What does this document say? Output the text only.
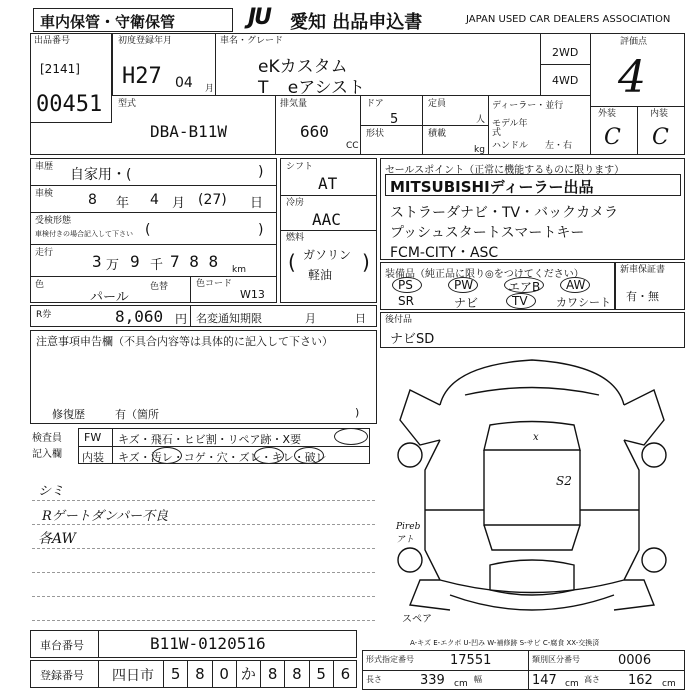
車内保管・守衛保管	JU 愛知 出品申込書	JAPAN USED CAR DEALERS ASSOCIATION
出品番号
[2141]
00451
初度登録年月
H27 04 月
車名・グレード
eKカスタム
T eアシスト
2WD
4WD
評価点
4
外装	内装
C C
型式
DBA-B11W
排気量
660
CC
ドア
5
形状
定員
人
積載
kg
ディーラー・並行
モデル年式
ハンドル 左・右
車歴 自家用・(	)
車検 8 年 4 月 (27) 日
受検形態
車検付きの場合記入して下さい (	)
走行 3 万 9 千 7 8 8 km
色
パール
色替	色コード
W13
シフト
AT
冷房
AAC
燃料
( ガソリン
軽油
)
R券	8,060 円 名変通知期限	月	日
セールスポイント（正常に機能するものに限ります）
MITSUBISHIディーラー出品
ストラーダナビ・TV・バックカメラ
プッシュスタートスマートキー
FCM-CITY・ASC
装備品（純正品に限り◎をつけてください）
PS	PW	エアB AW
SR	ナビ	TV	カワシート
新車保証書
有・無
後付品
ナビSD
注意事項申告欄（不具合内容等は具体的に記入して下さい）
修復歴	有（箇所	)
検査員
記入欄
FW キズ・飛石・ヒビ割・リペア跡・X要
内装 キズ・汚レ・コゲ・穴・ズレ・キレ・破レ
シミ
Rゲートダンパー不良
各AW
x
S2
Pirebアト
スペア
A-キズ E-エクボ U-凹み W-補修跡 S-サビ C-腐食 XX-交換済
車台番号	B11W-0120516
登録番号 四日市	5 8 0 か 8 8 5 6
形式指定番号	17551	類別区分番号	0006
長さ	339 cm 幅	147 cm 高さ 162 cm
